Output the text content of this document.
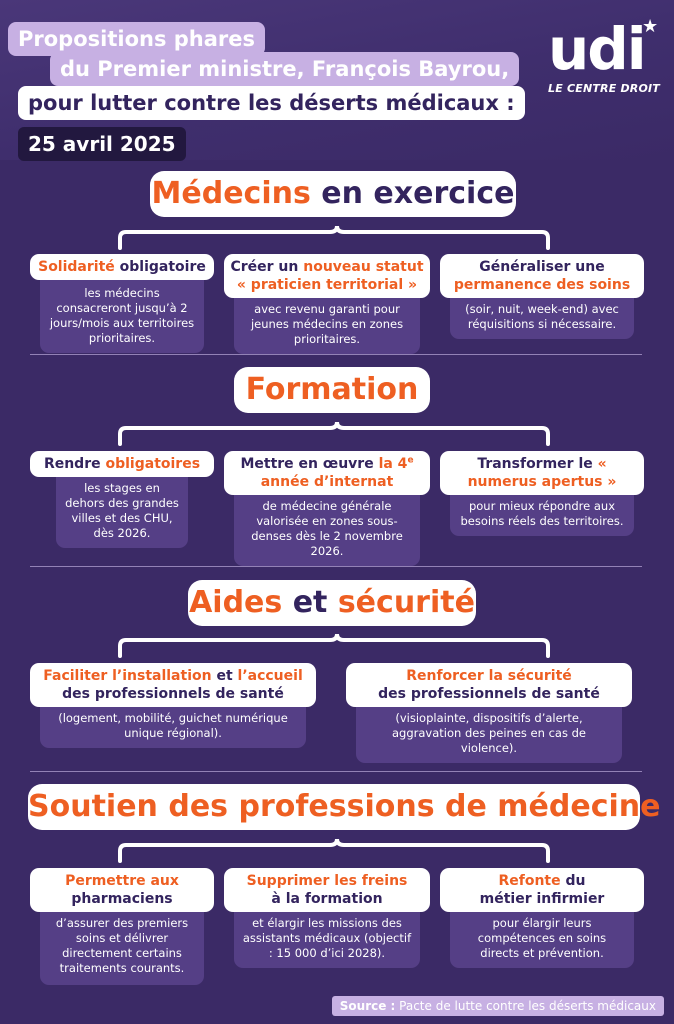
Propositions phares
du Premier ministre, François Bayrou,
pour lutter contre les déserts médicaux :
25 avril 2025
udi
★
LE CENTRE DROIT
Médecins en exercice
Solidarité obligatoire
les médecins consacreront jusqu’à 2 jours/mois aux territoires prioritaires.
Créer un nouveau statut « praticien territorial »
avec revenu garanti pour jeunes médecins en zones prioritaires.
Généraliser une permanence des soins
(soir, nuit, week-end) avec réquisitions si nécessaire.
Formation
Rendre obligatoires
les stages en dehors des grandes villes et des CHU, dès 2026.
Mettre en œuvre la 4e année d’internat
de médecine générale valorisée en zones sous-denses dès le 2 novembre 2026.
Transformer le « numerus apertus »
pour mieux répondre aux besoins réels des territoires.
Aides et sécurité
Faciliter l’installation et l’accueil
des professionnels de santé
(logement, mobilité, guichet numérique unique régional).
Renforcer la sécurité
des professionnels de santé
(visioplainte, dispositifs d’alerte, aggravation des peines en cas de violence).
Soutien des professions de médecine
Permettre aux
pharmaciens
d’assurer des premiers soins et délivrer directement certains traitements courants.
Supprimer les freins
à la formation
et élargir les missions des assistants médicaux (objectif : 15 000 d’ici 2028).
Refonte du
métier infirmier
pour élargir leurs compétences en soins directs et prévention.
Source : Pacte de lutte contre les déserts médicaux
